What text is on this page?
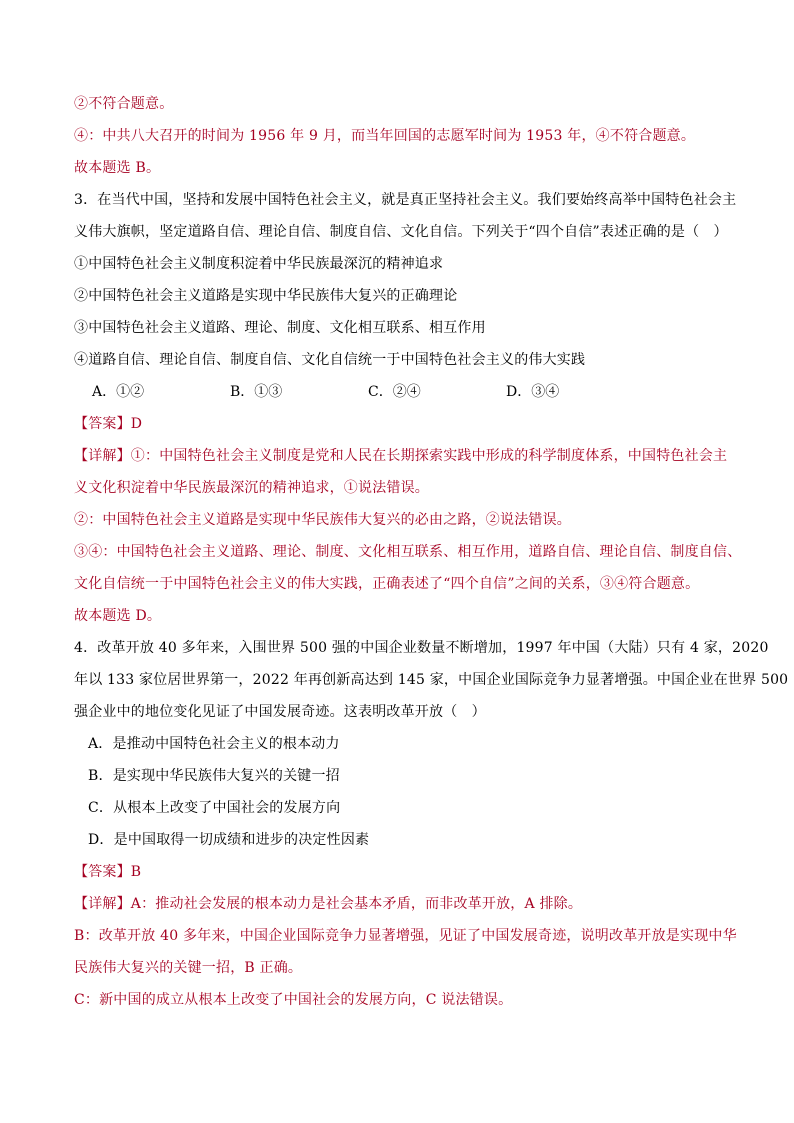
②不符合题意。
④：中共八大召开的时间为 1956 年 9 月，而当年回国的志愿军时间为 1953 年，④不符合题意。
故本题选 B。
3．在当代中国，坚持和发展中国特色社会主义，就是真正坚持社会主义。我们要始终高举中国特色社会主
义伟大旗帜，坚定道路自信、理论自信、制度自信、文化自信。下列关于“四个自信”表述正确的是（　）
①中国特色社会主义制度积淀着中华民族最深沉的精神追求
②中国特色社会主义道路是实现中华民族伟大复兴的正确理论
③中国特色社会主义道路、理论、制度、文化相互联系、相互作用
④道路自信、理论自信、制度自信、文化自信统一于中国特色社会主义的伟大实践
A．①②	B．①③	C．②④	D．③④
【答案】D
【详解】①：中国特色社会主义制度是党和人民在长期探索实践中形成的科学制度体系，中国特色社会主
义文化积淀着中华民族最深沉的精神追求，①说法错误。
②：中国特色社会主义道路是实现中华民族伟大复兴的必由之路，②说法错误。
③④：中国特色社会主义道路、理论、制度、文化相互联系、相互作用，道路自信、理论自信、制度自信、
文化自信统一于中国特色社会主义的伟大实践，正确表述了“四个自信”之间的关系，③④符合题意。
故本题选 D。
4．改革开放 40 多年来，入围世界 500 强的中国企业数量不断增加，1997 年中国（大陆）只有 4 家，2020
年以 133 家位居世界第一，2022 年再创新高达到 145 家，中国企业国际竞争力显著增强。中国企业在世界 500
强企业中的地位变化见证了中国发展奇迹。这表明改革开放（　）
A．是推动中国特色社会主义的根本动力
B．是实现中华民族伟大复兴的关键一招
C．从根本上改变了中国社会的发展方向
D．是中国取得一切成绩和进步的决定性因素
【答案】B
【详解】A：推动社会发展的根本动力是社会基本矛盾，而非改革开放，A 排除。
B：改革开放 40 多年来，中国企业国际竞争力显著增强，见证了中国发展奇迹，说明改革开放是实现中华
民族伟大复兴的关键一招，B 正确。
C：新中国的成立从根本上改变了中国社会的发展方向，C 说法错误。
